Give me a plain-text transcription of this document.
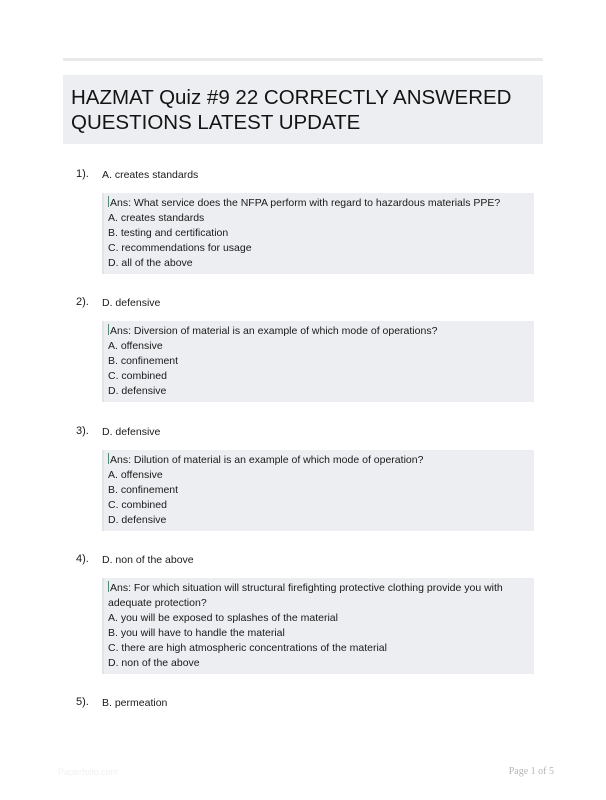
HAZMAT Quiz #9 22 CORRECTLY ANSWERED QUESTIONS LATEST UPDATE
1). A. creates standards
Ans: What service does the NFPA perform with regard to hazardous materials PPE?
A. creates standards
B. testing and certification
C. recommendations for usage
D. all of the above
2). D. defensive
Ans: Diversion of material is an example of which mode of operations?
A. offensive
B. confinement
C. combined
D. defensive
3). D. defensive
Ans: Dilution of material is an example of which mode of operation?
A. offensive
B. confinement
C. combined
D. defensive
4). D. non of the above
Ans: For which situation will structural firefighting protective clothing provide you with adequate protection?
A. you will be exposed to splashes of the material
B. you will have to handle the material
C. there are high atmospheric concentrations of the material
D. non of the above
5). B. permeation
Paperfolio.com	Page 1 of 5
